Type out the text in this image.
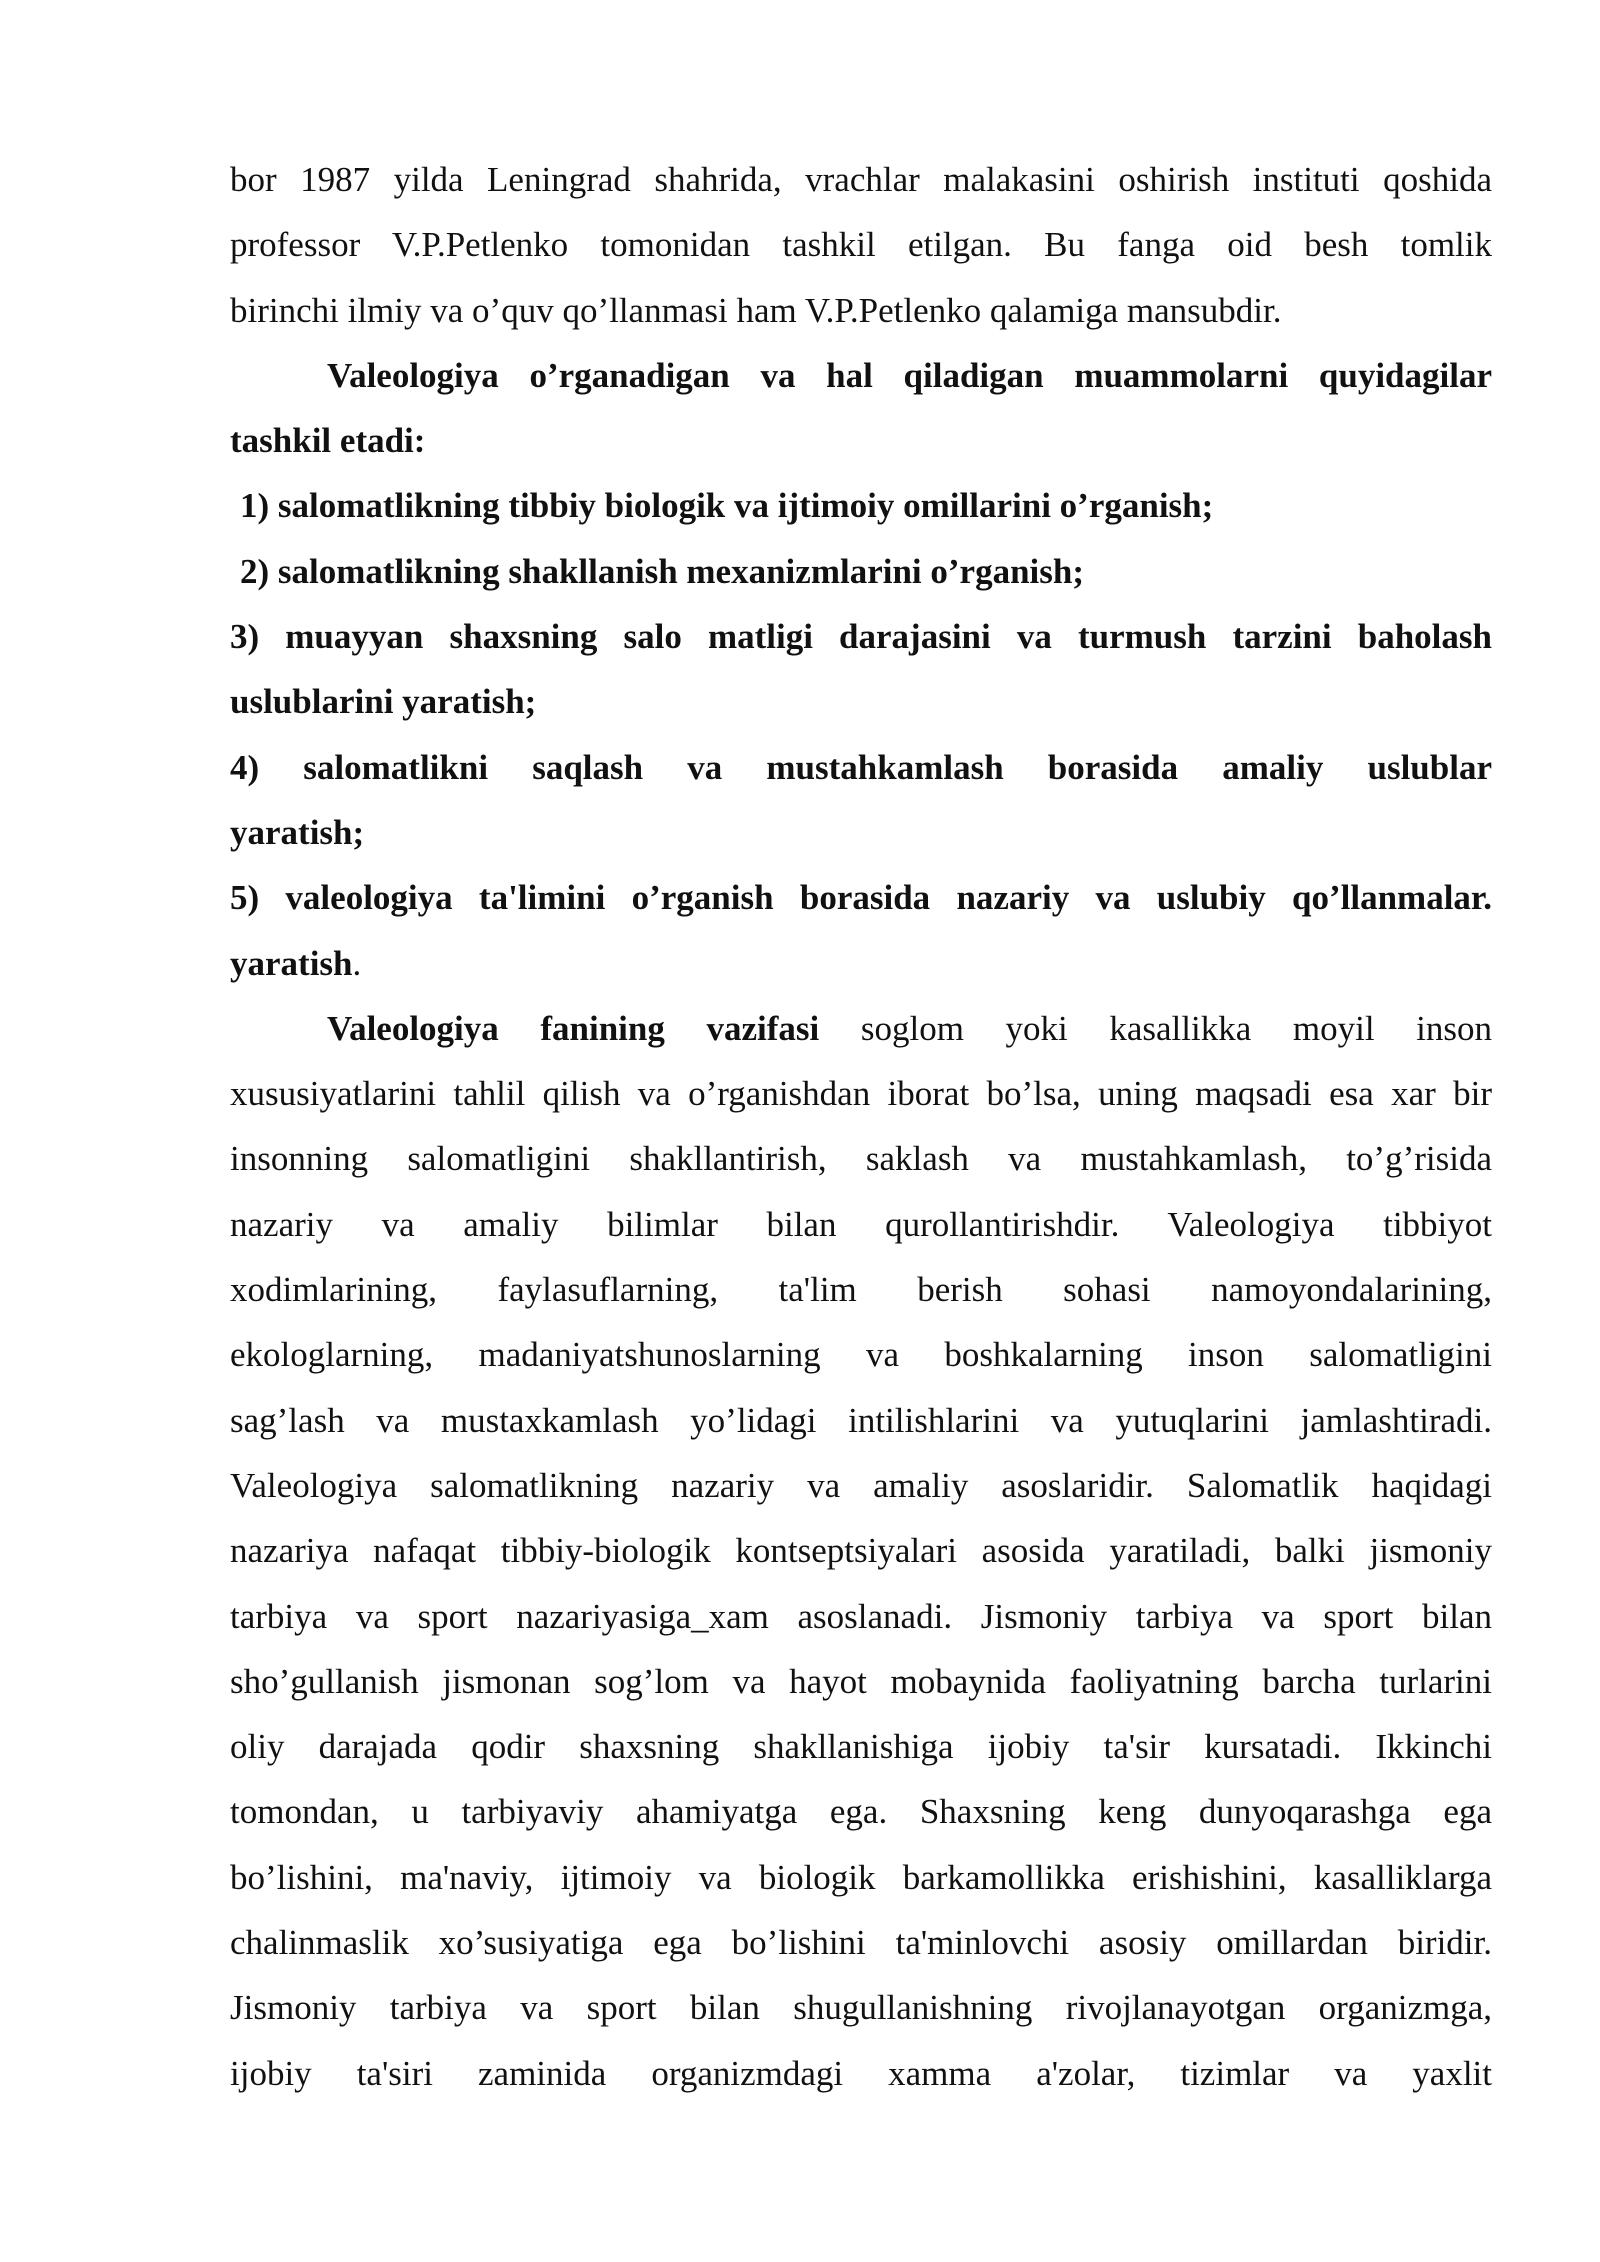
bor 1987 yilda Leningrad shahrida, vrachlar malakasini oshirish instituti qoshida
professor V.P.Petlenko tomonidan tashkil etilgan. Bu fanga oid besh tomlik
birinchi ilmiy va o’quv qo’llanmasi ham V.P.Petlenko qalamiga mansubdir.
Valeologiya o’rganadigan va hal qiladigan muammolarni quyidagilar
tashkil etadi:
1) salomatlikning tibbiy biologik va ijtimoiy omillarini o’rganish;
2) salomatlikning shakllanish mexanizmlarini o’rganish;
3) muayyan shaxsning salo matligi darajasini va turmush tarzini baholash
uslublarini yaratish;
4) salomatlikni saqlash va mustahkamlash borasida amaliy uslublar
yaratish;
5) valeologiya ta'limini o’rganish borasida nazariy va uslubiy qo’llanmalar.
yaratish.
Valeologiya fanining vazifasi soglom yoki kasallikka moyil inson
xususiyatlarini tahlil qilish va o’rganishdan iborat bo’lsa, uning maqsadi esa xar bir
insonning salomatligini shakllantirish, saklash va mustahkamlash, to’g’risida
nazariy va amaliy bilimlar bilan qurollantirishdir. Valeologiya tibbiyot
xodimlarining, faylasuflarning, ta'lim berish sohasi namoyondalarining,
ekologlarning, madaniyatshunoslarning va boshkalarning inson salomatligini
sag’lash va mustaxkamlash yo’lidagi intilishlarini va yutuqlarini jamlashtiradi.
Valeologiya salomatlikning nazariy va amaliy asoslaridir. Salomatlik haqidagi
nazariya nafaqat tibbiy-biologik kontseptsiyalari asosida yaratiladi, balki jismoniy
tarbiya va sport nazariyasiga_xam asoslanadi. Jismoniy tarbiya va sport bilan
sho’gullanish jismonan sog’lom va hayot mobaynida faoliyatning barcha turlarini
oliy darajada qodir shaxsning shakllanishiga ijobiy ta'sir kursatadi. Ikkinchi
tomondan, u tarbiyaviy ahamiyatga ega. Shaxsning keng dunyoqarashga ega
bo’lishini, ma'naviy, ijtimoiy va biologik barkamollikka erishishini, kasalliklarga
chalinmaslik xo’susiyatiga ega bo’lishini ta'minlovchi asosiy omillardan biridir.
Jismoniy tarbiya va sport bilan shugullanishning rivojlanayotgan organizmga,
ijobiy ta'siri zaminida organizmdagi xamma a'zolar, tizimlar va yaxlit
